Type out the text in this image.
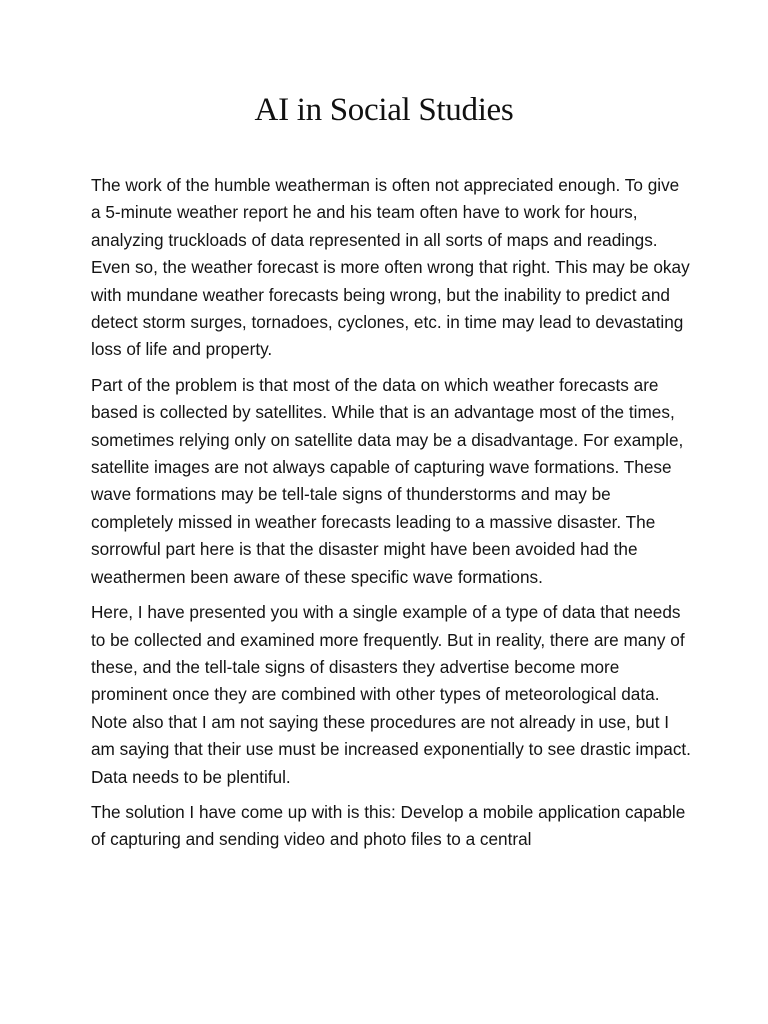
AI in Social Studies

The work of the humble weatherman is often not appreciated enough. To give a 5-minute weather report he and his team often have to work for hours, analyzing truckloads of data represented in all sorts of maps and readings. Even so, the weather forecast is more often wrong that right. This may be okay with mundane weather forecasts being wrong, but the inability to predict and detect storm surges, tornadoes, cyclones, etc. in time may lead to devastating loss of life and property.

Part of the problem is that most of the data on which weather forecasts are based is collected by satellites. While that is an advantage most of the times, sometimes relying only on satellite data may be a disadvantage. For example, satellite images are not always capable of capturing wave formations. These wave formations may be tell-tale signs of thunderstorms and may be completely missed in weather forecasts leading to a massive disaster. The sorrowful part here is that the disaster might have been avoided had the weathermen been aware of these specific wave formations.

Here, I have presented you with a single example of a type of data that needs to be collected and examined more frequently. But in reality, there are many of these, and the tell-tale signs of disasters they advertise become more prominent once they are combined with other types of meteorological data. Note also that I am not saying these procedures are not already in use, but I am saying that their use must be increased exponentially to see drastic impact. Data needs to be plentiful.

The solution I have come up with is this: Develop a mobile application capable of capturing and sending video and photo files to a central
